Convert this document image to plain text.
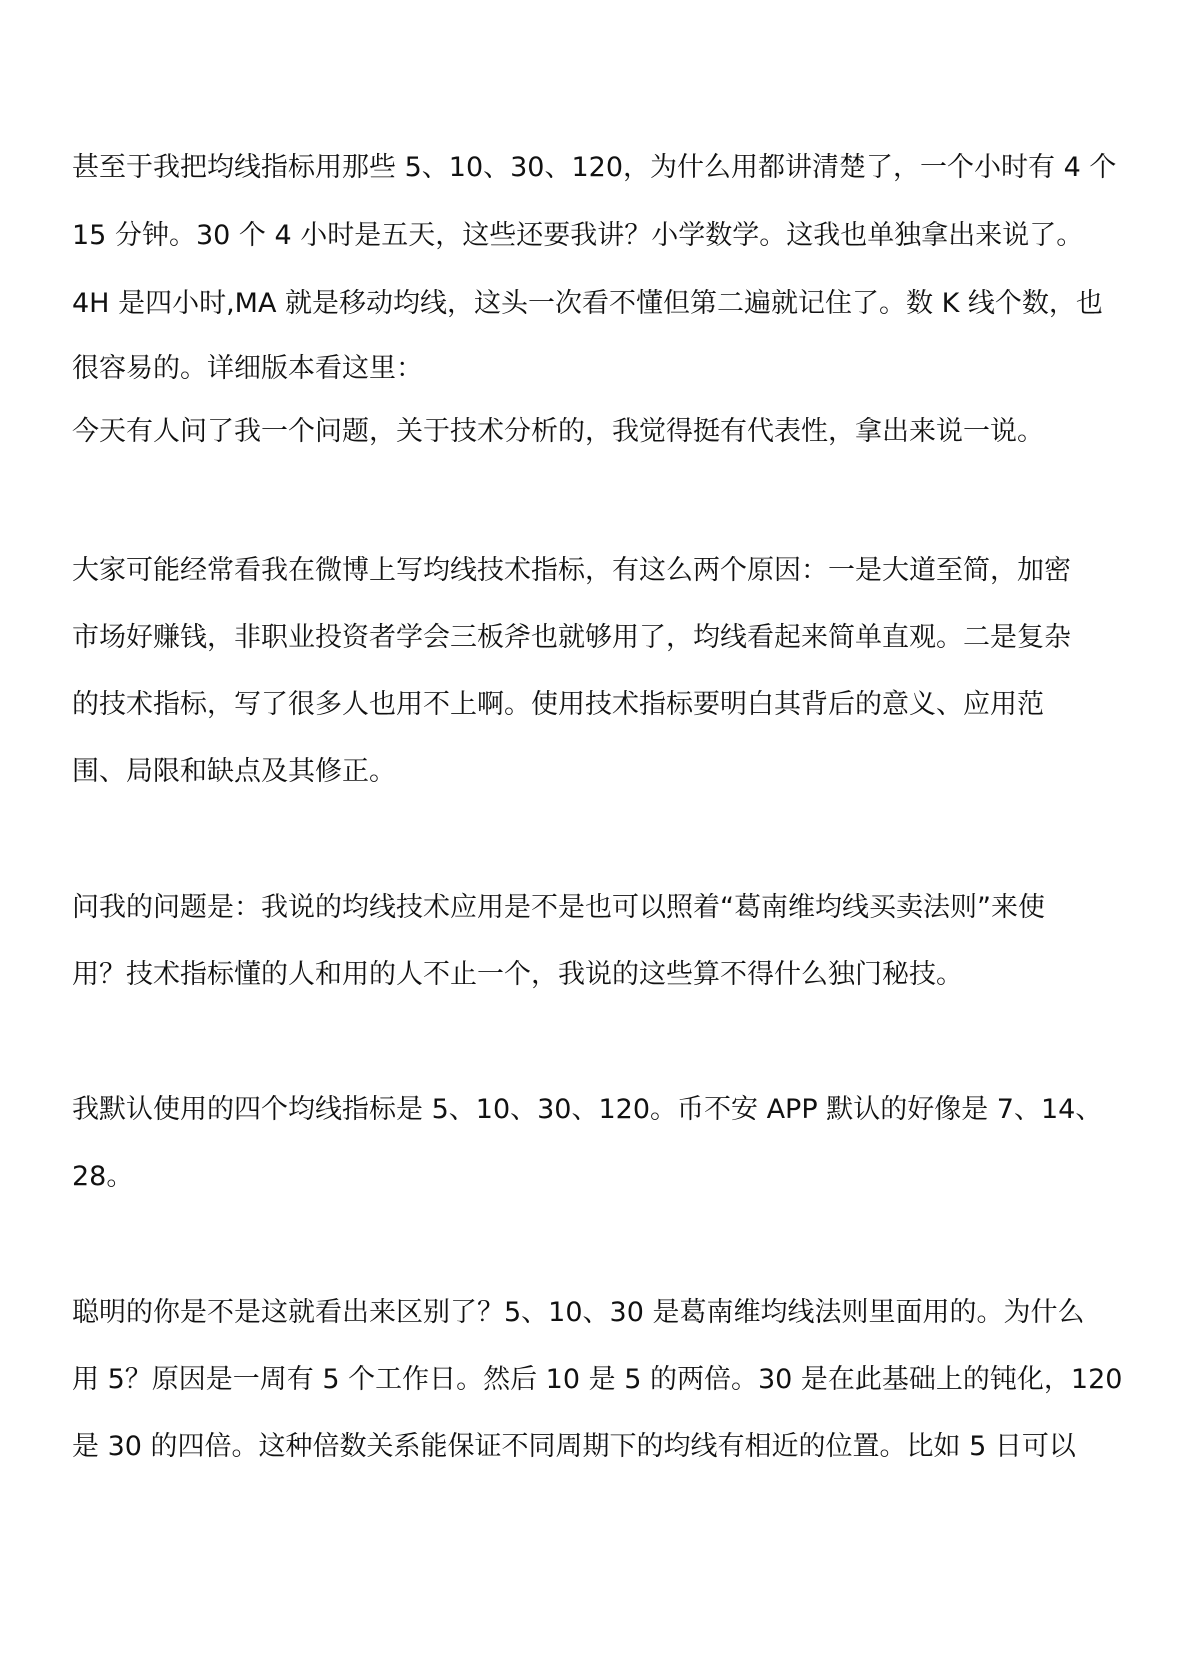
甚至于我把均线指标用那些 5、10、30、120，为什么用都讲清楚了，一个小时有 4 个
15 分钟。30 个 4 小时是五天，这些还要我讲？小学数学。这我也单独拿出来说了。
4H 是四小时,MA 就是移动均线，这头一次看不懂但第二遍就记住了。数 K 线个数，也
很容易的。详细版本看这里：
今天有人问了我一个问题，关于技术分析的，我觉得挺有代表性，拿出来说一说。
大家可能经常看我在微博上写均线技术指标，有这么两个原因：一是大道至简，加密
市场好赚钱，非职业投资者学会三板斧也就够用了，均线看起来简单直观。二是复杂
的技术指标，写了很多人也用不上啊。使用技术指标要明白其背后的意义、应用范
围、局限和缺点及其修正。
问我的问题是：我说的均线技术应用是不是也可以照着“葛南维均线买卖法则”来使
用？技术指标懂的人和用的人不止一个，我说的这些算不得什么独门秘技。
我默认使用的四个均线指标是 5、10、30、120。币不安 APP 默认的好像是 7、14、
28。
聪明的你是不是这就看出来区别了？5、10、30 是葛南维均线法则里面用的。为什么
用 5？原因是一周有 5 个工作日。然后 10 是 5 的两倍。30 是在此基础上的钝化，120
是 30 的四倍。这种倍数关系能保证不同周期下的均线有相近的位置。比如 5 日可以
